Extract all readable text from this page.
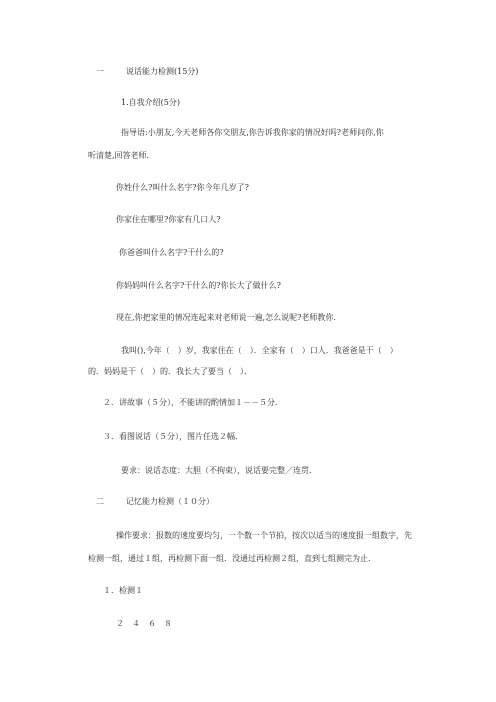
一	说话能力检测(15分)
1.自我介绍(5分)
指导语:小朋友,今天老师各你交朋友,你告诉我你家的情况好吗?老师问你,你
听清楚,回答老师.
你姓什么?叫什么名字?你今年几岁了?
你家住在哪里?你家有几口人?
你爸爸叫什么名字?干什么的?
你妈妈叫什么名字?干什么的?你长大了做什么?
现在,你把家里的情况连起来对老师说一遍,怎么说呢?老师教你.
我叫(),今年（　）岁，我家住在（　）．全家有（　）口人．我爸爸是干（　）
的．妈妈是干（　）的．我长大了要当（　）．
２．讲故事（５分），不能讲的酌情加１－－５分．
３．看图说话（５分），图片任选２幅．
要求：说话态度：大胆（不拘束），说话要完整／连贯．
二	记忆能力检测（１０分）
操作要求：报数的速度要均匀，一个数一个节拍，按次以适当的速度报一组数字，先
检测一组，通过１组，再检测下面一组．没通过再检测２组，直到七组测完为止．
１．检测１
２　４　６　８
